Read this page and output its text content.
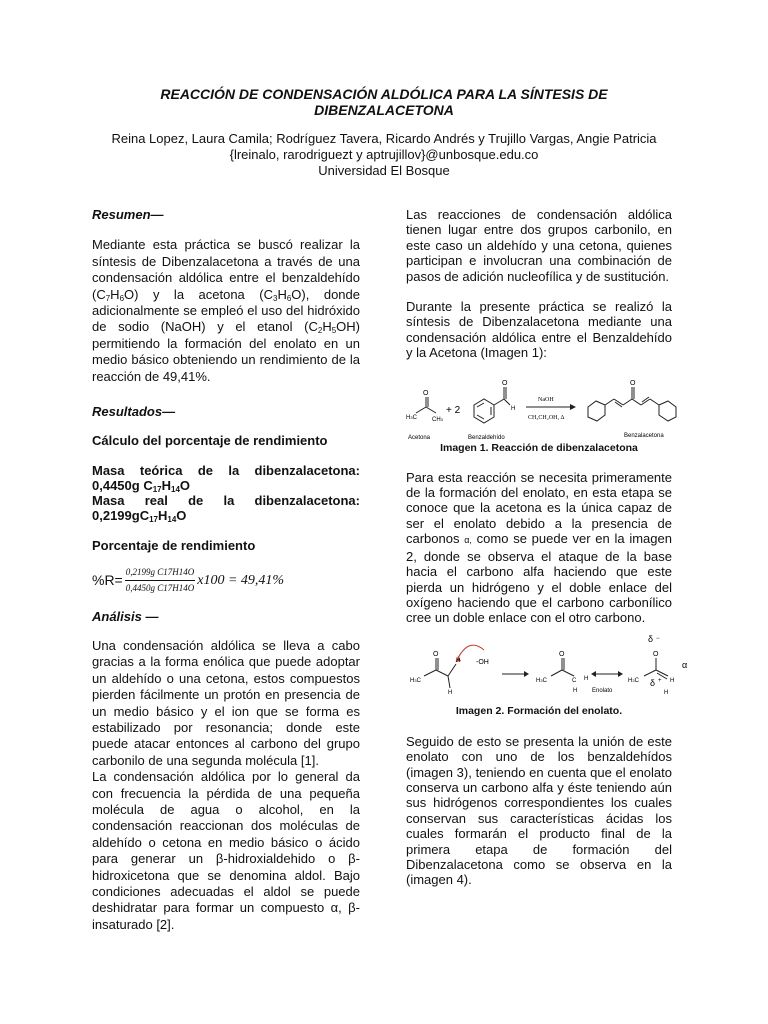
REACCIÓN DE CONDENSACIÓN ALDÓLICA PARA LA SÍNTESIS DE
DIBENZALACETONA
Reina Lopez, Laura Camila; Rodríguez Tavera, Ricardo Andrés y Trujillo Vargas, Angie Patricia
{lreinalo, rarodriguezt y aptrujillov}@unbosque.edu.co
Universidad El Bosque

Resumen—

Mediante esta práctica se buscó realizar la síntesis de Dibenzalacetona a través de una condensación aldólica entre el benzaldehído $(C_7H_6O)$ y la acetona $(C_3H_6O)$, donde adicionalmente se empleó el uso del hidróxido de sodio (NaOH) y el etanol $(C_2H_5OH)$ permitiendo la formación del enolato en un medio básico obteniendo un rendimiento de la reacción de 49,41%.

Resultados—

Cálculo del porcentaje de rendimiento

Masa teórica de la dibenzalacetona:
0,4450g $C_{17}H_{14}O$
Masa real de la dibenzalacetona:
$0,2199gC_{17}H_{14}O$

Porcentaje de rendimiento

$\%R= \frac{\text{0,2199g C17H14O}}{\text{0,4450g C17H14O}} x100 = 49,41\%$

Análisis —

Una condensación aldólica se lleva a cabo gracias a la forma enólica que puede adoptar un aldehído o una cetona, estos compuestos pierden fácilmente un protón en presencia de un medio básico y el ion que se forma es estabilizado por resonancia; donde este puede atacar entonces al carbono del grupo carbonilo de una segunda molécula [1].

La condensación aldólica por lo general da con frecuencia la pérdida de una pequeña molécula de agua o alcohol, en la condensación reaccionan dos moléculas de aldehído o cetona en medio básico o ácido para generar un β-hidroxialdehido o β-hidroxicetona que se denomina aldol. Bajo condiciones adecuadas el aldol se puede deshidratar para formar un compuesto α, β-insaturado [2].

Las reacciones de condensación aldólica tienen lugar entre dos grupos carbonilo, en este caso un aldehído y una cetona, quienes participan e involucran una combinación de pasos de adición nucleofílica y de sustitución.

Durante la presente práctica se realizó la síntesis de Dibenzalacetona mediante una condensación aldólica entre el Benzaldehído y la Acetona (Imagen 1):

O
H3C	CH3
Acetona
+ 2
O
H
Benzaldehído
NaOH
CH₃CH₂OH, Δ
O
Benzalacetona
Imagen 1. Reacción de dibenzalacetona

Para esta reacción se necesita primeramente de la formación del enolato, en esta etapa se conoce que la acetona es la única capaz de ser el enolato debido a la presencia de carbonos α, como se puede ver en la imagen 2, donde se observa el ataque de la base hacia el carbono alfa haciendo que este pierda un hidrógeno y el doble enlace del oxígeno haciendo que el carbono carbonílico cree un doble enlace con el otro carbono.

O
H3C
H
H
-OH
O
H3C	C H
H Enolato
O
δ −
H3C δ + H
H
α
Imagen 2. Formación del enolato.

Seguido de esto se presenta la unión de este enolato con uno de los benzaldehídos (imagen 3), teniendo en cuenta que el enolato conserva un carbono alfa y éste teniendo aún sus hidrógenos correspondientes los cuales conservan sus características ácidas los cuales formarán el producto final de la primera etapa de formación del Dibenzalacetona como se observa en la (imagen 4).
